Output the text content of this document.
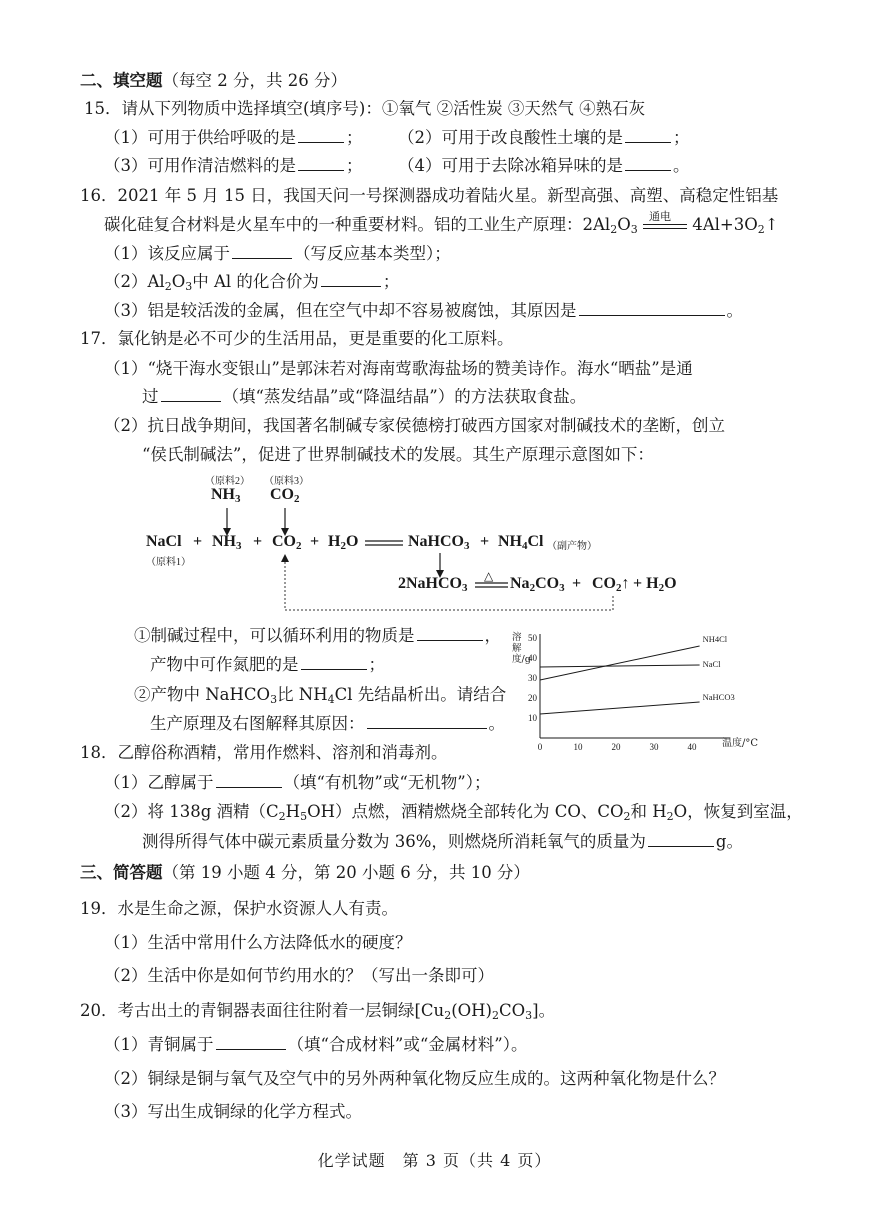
二、填空题（每空 2 分，共 26 分）
15．请从下列物质中选择填空(填序号)：①氧气 ②活性炭 ③天然气 ④熟石灰
（1）可用于供给呼吸的是	； （2）可用于改良酸性土壤的是	；
（3）可用作清洁燃料的是	； （4）可用于去除冰箱异味的是	。
16．2021 年 5 月 15 日，我国天问一号探测器成功着陆火星。新型高强、高塑、高稳定性铝基
碳化硅复合材料是火星车中的一种重要材料。铝的工业生产原理：$2Al_2O_3$
通电 $4Al+3O_2↑$
（1）该反应属于	（写反应基本类型）；
$(2)Al_2O_3$中 Al 的化合价为	；
（3）铝是较活泼的金属，但在空气中却不容易被腐蚀，其原因是	。
17．氯化钠是必不可少的生活用品，更是重要的化工原料。
（1）“烧干海水变银山”是郭沫若对海南莺歌海盐场的赞美诗作。海水“晒盐”是通
过	（填“蒸发结晶”或“降温结晶”）的方法获取食盐。
（2）抗日战争期间，我国著名制碱专家侯德榜打破西方国家对制碱技术的垄断，创立
“侯氏制碱法”，促进了世界制碱技术的发展。其生产原理示意图如下：
（原料2） （原料3）
$NH_3$ $CO_2$
NaCl + $NH_3 + CO_2 + H_2O$	NaHCO$_3$ + $NH_4Cl$ （副产物）
（原料1）
2NaHCO$_3$
△ $Na_2CO_3$ + $CO_2↑ + H_2O$
①制碱过程中，可以循环利用的物质是	，
产物中可作氮肥的是	；
②产物中 NaHCO$_3$比 $NH_4Cl$ 先结晶析出。请结合
生产原理及右图解释其原因：	。
NH4Cl
NaCl
NaHCO3
0	10	20	30	40
10
20
30
40
50
溶解度/g
温度/°C
18．乙醇俗称酒精，常用作燃料、溶剂和消毒剂。
（1）乙醇属于	（填“有机物”或“无机物”）；
（2）将 138g 酒精$(C_2H_5OH)$点燃，酒精燃烧全部转化为 CO、$CO_2$和 $H_2O$，恢复到室温，
测得所得气体中碳元素质量分数为 36%，则燃烧所消耗氧气的质量为	g。
三、简答题（第 19 小题 4 分，第 20 小题 6 分，共 10 分）
19．水是生命之源，保护水资源人人有责。
（1）生活中常用什么方法降低水的硬度？
（2）生活中你是如何节约用水的？（写出一条即可）
20．考古出土的青铜器表面往往附着一层铜绿$[Cu_2(OH)_2CO_3]$。
（1）青铜属于	（填“合成材料”或“金属材料”）。
（2）铜绿是铜与氧气及空气中的另外两种氧化物反应生成的。这两种氧化物是什么？
（3）写出生成铜绿的化学方程式。
化学试题　第 3 页（共 4 页）
